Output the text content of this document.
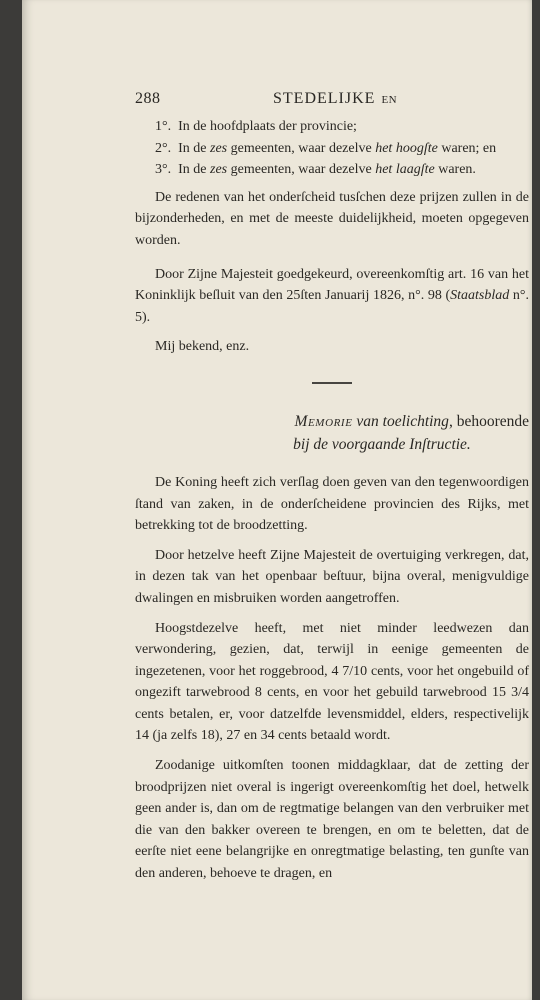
288	STEDELIJKE EN

1°. In de hoofdplaats der provincie;

2°. In de zes gemeenten, waar dezelve het hoogſte waren; en

3°. In de zes gemeenten, waar dezelve het laagſte waren.

De redenen van het onderſcheid tusſchen deze prijzen zullen in de bijzonderheden, en met de meeste duidelijkheid, moeten opgegeven worden.

Door Zijne Majesteit goedgekeurd, overeenkomſtig art. 16 van het Koninklijk beſluit van den 25ſten Januarij 1826, n°. 98 (Staatsblad n°. 5).

Mij bekend, enz.

Memorie van toelichting, behoorende
bij de voorgaande Inſtructie.

De Koning heeft zich verſlag doen geven van den tegenwoordigen ſtand van zaken, in de onderſcheidene provincien des Rijks, met betrekking tot de broodzetting.

Door hetzelve heeft Zijne Majesteit de overtuiging verkregen, dat, in dezen tak van het openbaar beſtuur, bijna overal, menigvuldige dwalingen en misbruiken worden aangetroffen.

Hoogstdezelve heeft, met niet minder leedwezen dan verwondering, gezien, dat, terwijl in eenige gemeenten de ingezetenen, voor het roggebrood, 4 7/10 cents, voor het ongebuild of ongezift tarwebrood 8 cents, en voor het gebuild tarwebrood 15 3/4 cents betalen, er, voor datzelfde levensmiddel, elders, respectivelijk 14 (ja zelfs 18), 27 en 34 cents betaald wordt.

Zoodanige uitkomſten toonen middagklaar, dat de zetting der broodprijzen niet overal is ingerigt overeenkomſtig het doel, hetwelk geen ander is, dan om de regtmatige belangen van den verbruiker met die van den bakker overeen te brengen, en om te beletten, dat de eerſte niet eene belangrijke en onregtmatige belasting, ten gunſte van den anderen, behoeve te dragen, en
